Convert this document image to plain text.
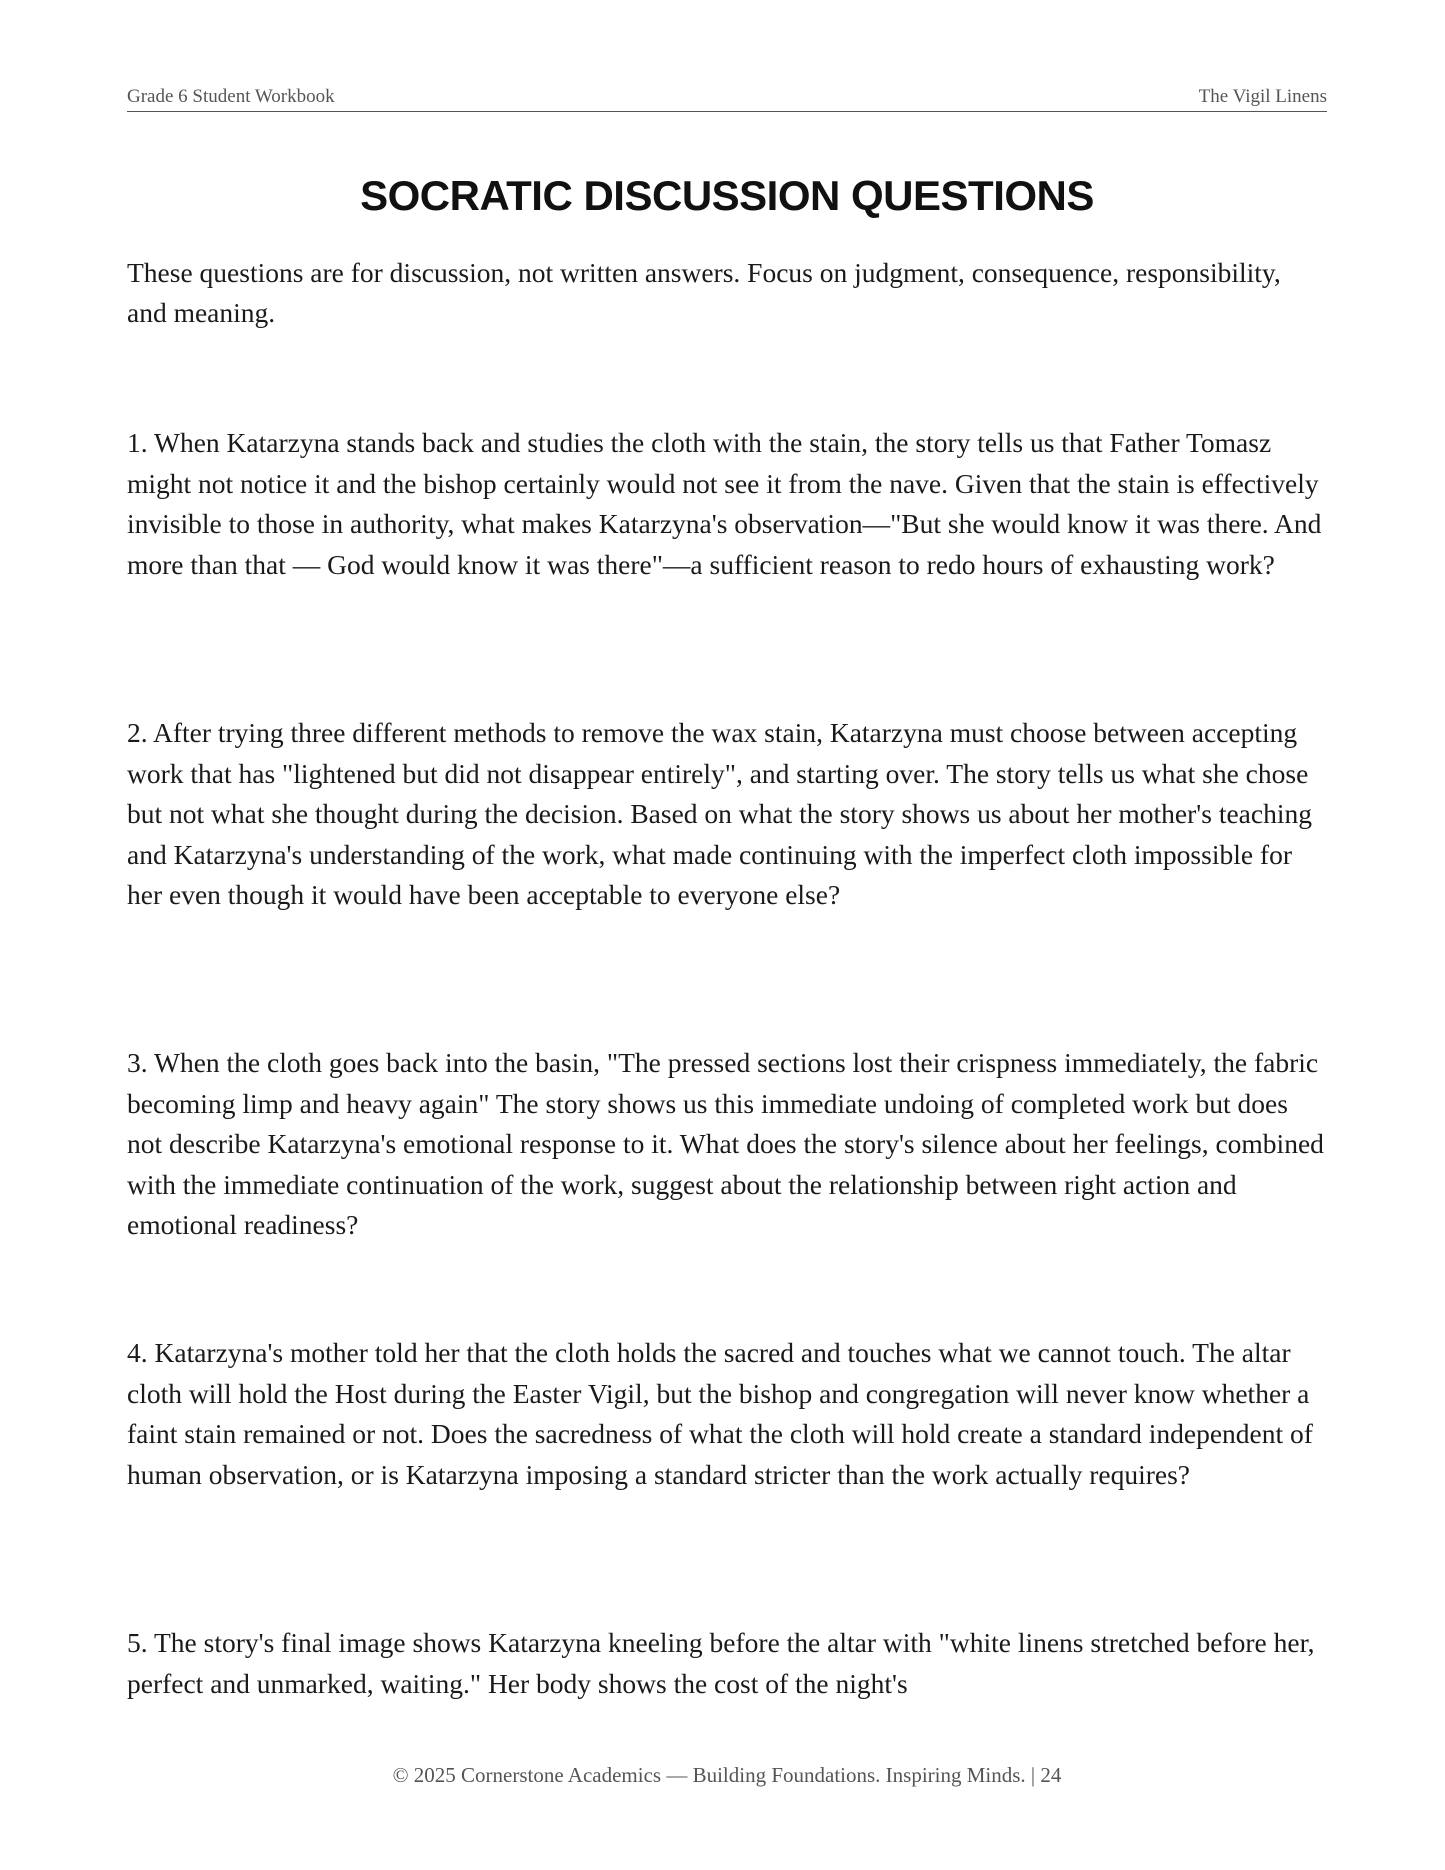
Grade 6 Student Workbook	The Vigil Linens
SOCRATIC DISCUSSION QUESTIONS

These questions are for discussion, not written answers. Focus on judgment, consequence, responsibility, and meaning.

1. When Katarzyna stands back and studies the cloth with the stain, the story tells us that Father Tomasz might not notice it and the bishop certainly would not see it from the nave. Given that the stain is effectively invisible to those in authority, what makes Katarzyna's observation—"But she would know it was there. And more than that — God would know it was there"—a sufficient reason to redo hours of exhausting work?
2. After trying three different methods to remove the wax stain, Katarzyna must choose between accepting work that has "lightened but did not disappear entirely", and starting over. The story tells us what she chose but not what she thought during the decision. Based on what the story shows us about her mother's teaching and Katarzyna's understanding of the work, what made continuing with the imperfect cloth impossible for her even though it would have been acceptable to everyone else?
3. When the cloth goes back into the basin, "The pressed sections lost their crispness immediately, the fabric becoming limp and heavy again" The story shows us this immediate undoing of completed work but does not describe Katarzyna's emotional response to it. What does the story's silence about her feelings, combined with the immediate continuation of the work, suggest about the relationship between right action and emotional readiness?
4. Katarzyna's mother told her that the cloth holds the sacred and touches what we cannot touch. The altar cloth will hold the Host during the Easter Vigil, but the bishop and congregation will never know whether a faint stain remained or not. Does the sacredness of what the cloth will hold create a standard independent of human observation, or is Katarzyna imposing a standard stricter than the work actually requires?
5. The story's final image shows Katarzyna kneeling before the altar with "white linens stretched before her, perfect and unmarked, waiting." Her body shows the cost of the night's
© 2025 Cornerstone Academics — Building Foundations. Inspiring Minds. | 24
